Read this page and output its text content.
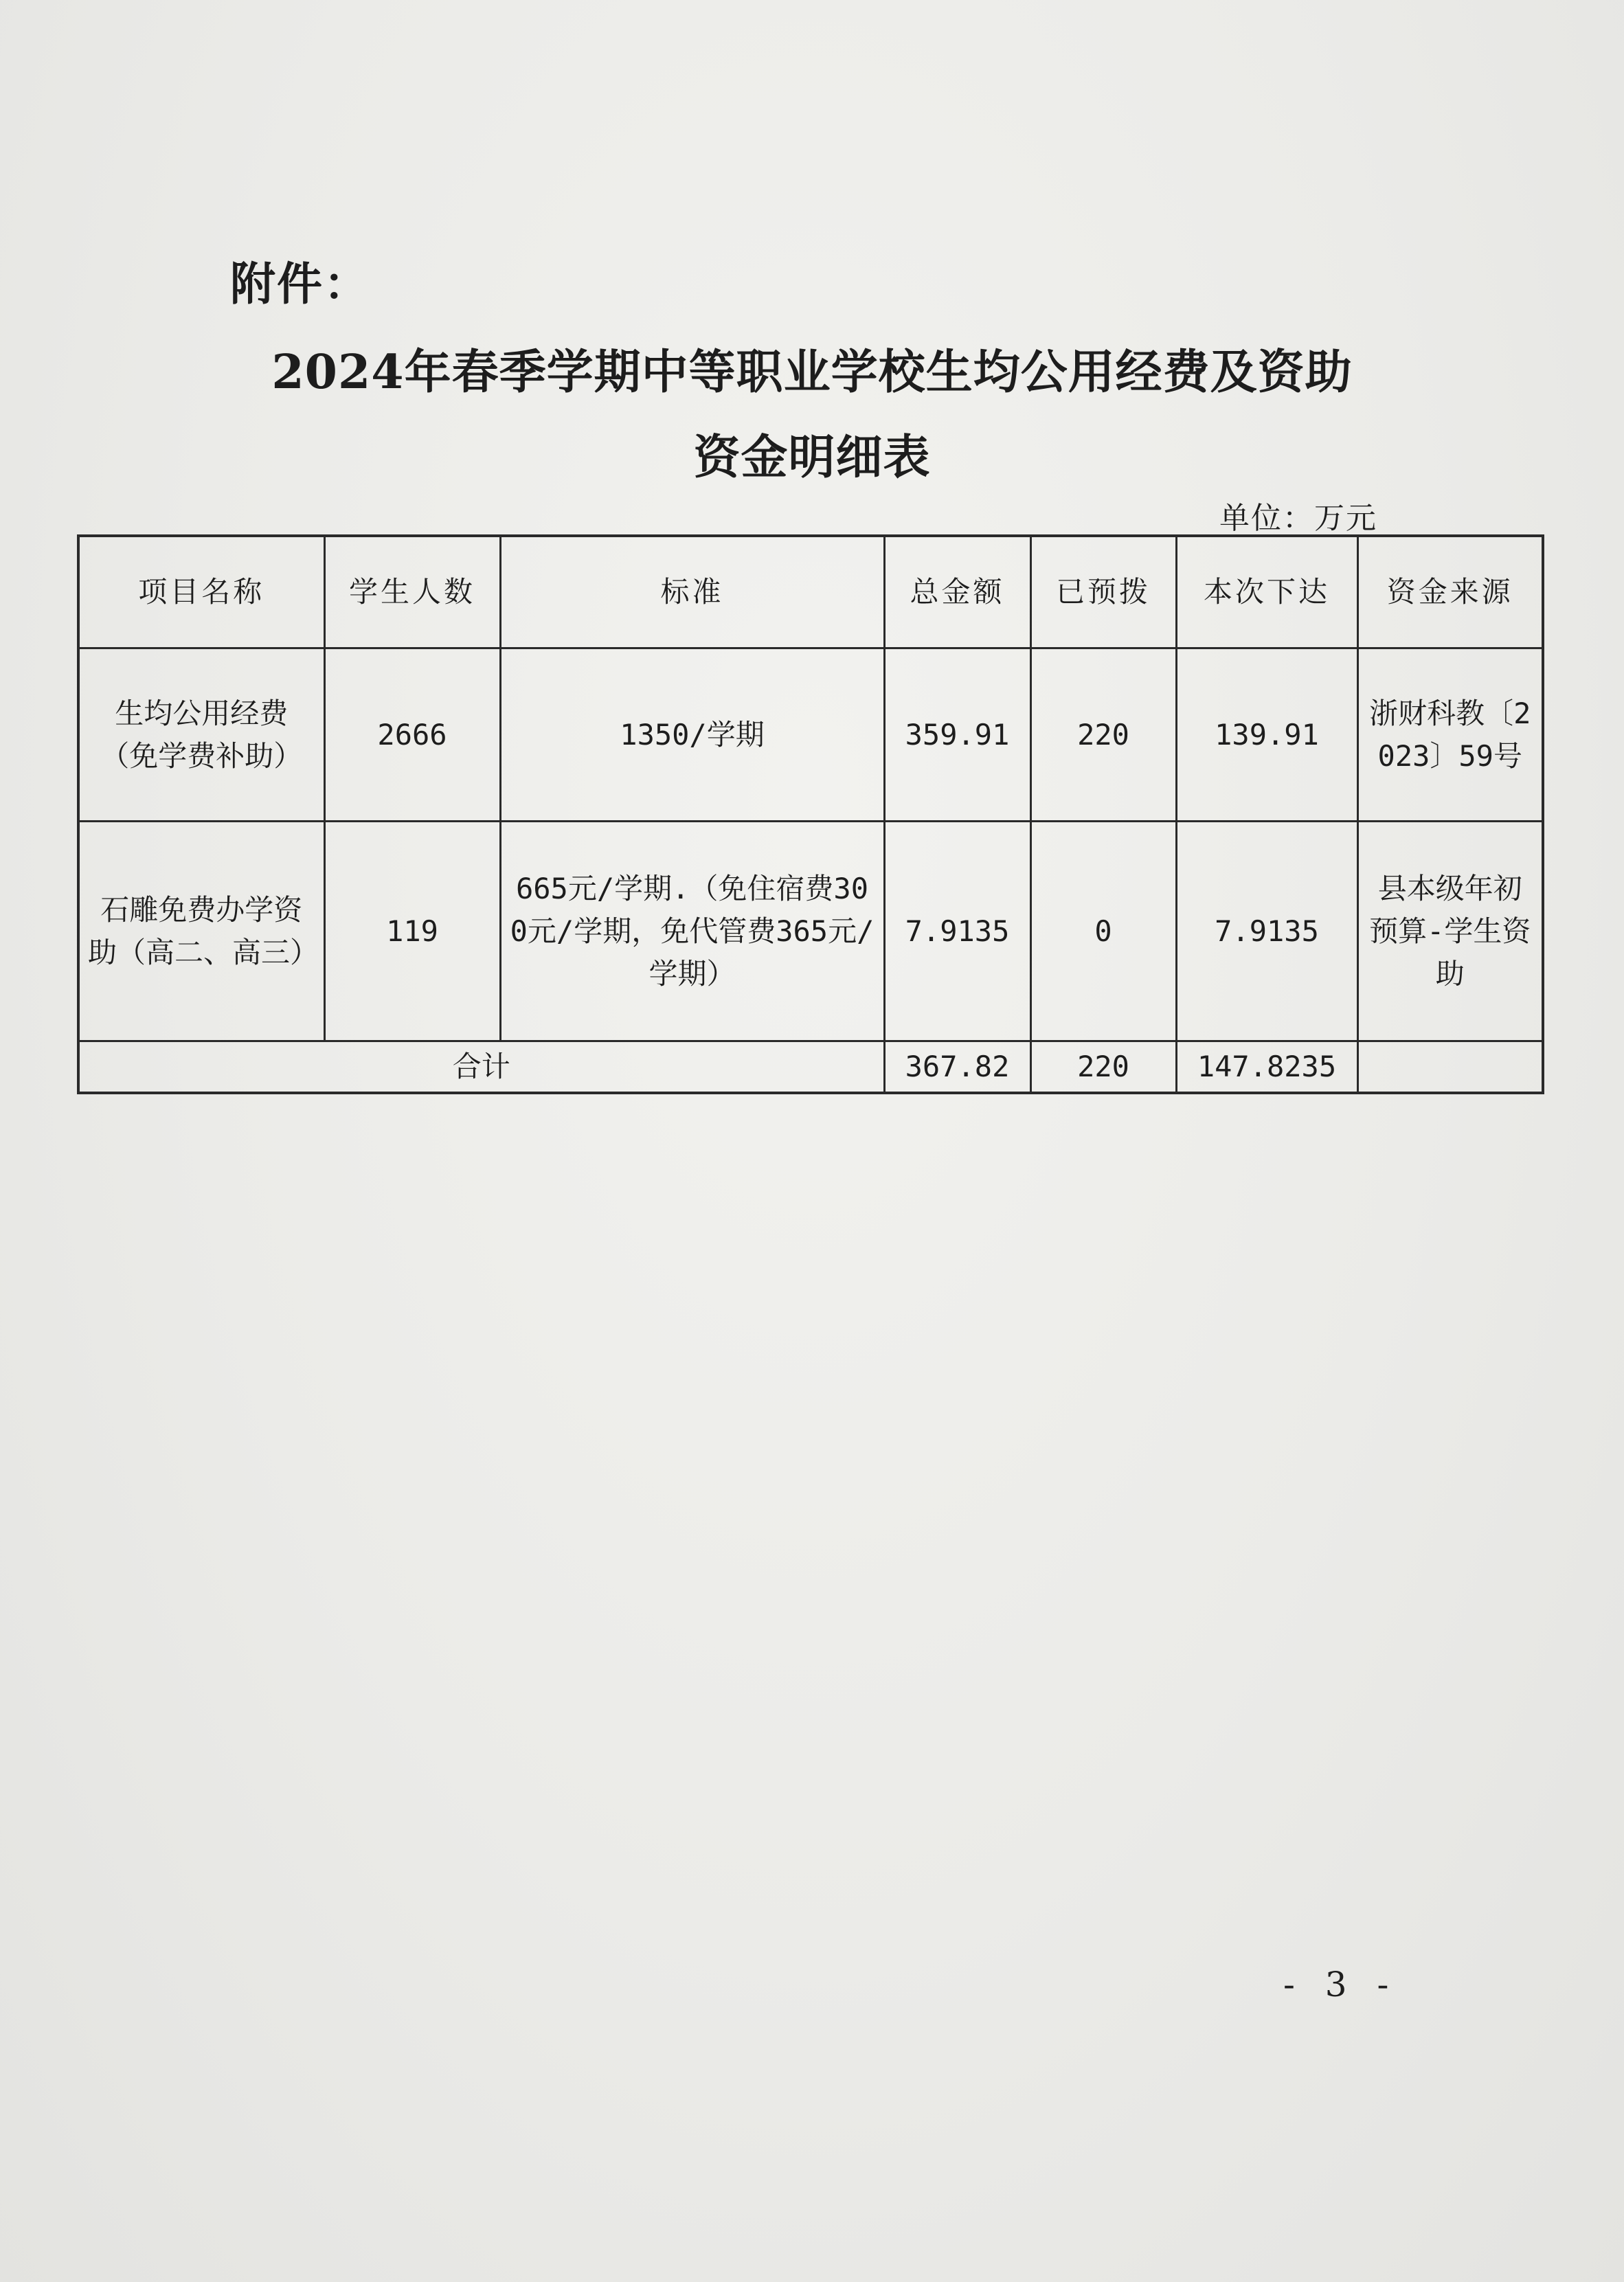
附件：
2024年春季学期中等职业学校生均公用经费及资助
资金明细表
单位：万元
项目名称	学生人数	标准	总金额	已预拨	本次下达	资金来源
生均公用经费（免学费补助）	2666	1350/学期	359.91	220	139.91	浙财科教〔2023〕59号
石雕免费办学资助（高二、高三）	119	665元/学期.（免住宿费300元/学期，免代管费365元/学期）	7.9135	0	7.9135	县本级年初预算-学生资助
合计			367.82	220	147.8235	
- 3 -
